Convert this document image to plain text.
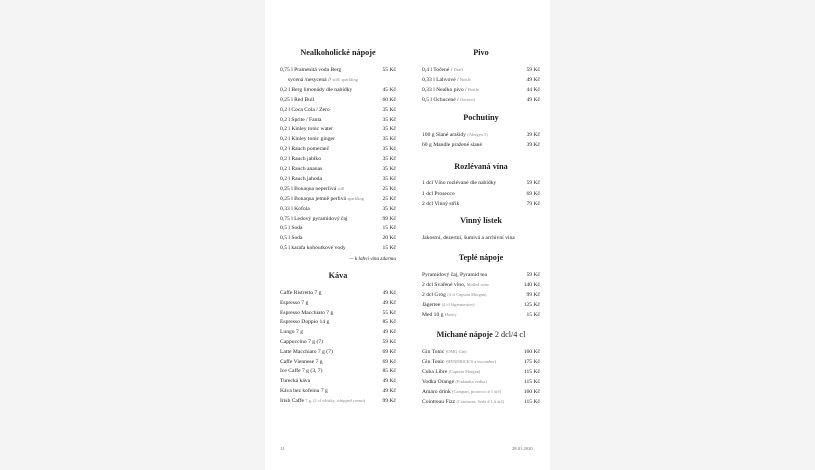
Nealkoholické nápoje
0,75 l Pramenitá voda Berg	55 Kč
sycená /nesycená // still/ sparkling
0,2 l Berg limonády dle nabídky	45 Kč
0,25 l Red Bull	60 Kč
0,2 l Coca Cola / Zero	35 Kč
0,2 l Sprite / Fanta	35 Kč
0,2 l Kinley tonic water	35 Kč
0,2 l Kinley tonic ginger	35 Kč
0,2 l Rauch pomeranč	35 Kč
0,2 l Rauch jablko	35 Kč
0,2 l Rauch ananas	35 Kč
0,2 l Rauch jahoda	35 Kč
0,25 l Bonaqua neperlivá still	25 Kč
0,25 l Bonaqua jemně perlivá sparkling	25 Kč
0,33 l Kofola	35 Kč
0,75 l Ledový pyramidový čaj	99 Kč
0,5 l Soda	15 Kč
0,5 l Soda	20 Kč
0,5 l karafa kohoutkové vody	15 Kč
— k lahvi vína zdarma
Káva
Caffe Ristretto 7 g	49 Kč
Espresso 7 g	49 Kč
Espresso Macchiato 7 g	55 Kč
Espresso Doppio 14 g	85 Kč
Lungo 7 g	49 Kč
Cappuccino 7 g (7)	59 Kč
Latte Macchiato 7 g (7)	69 Kč
Caffe Viennese 7 g	69 Kč
Ice Caffe 7 g (3, 7)	85 Kč
Turecká káva	49 Kč
Káva bez kofeinu 7 g	49 Kč
Irish Caffe 7 g, (2 cl whisky, whipped cream)	99 Kč
Pivo
0,4 l Točené / Draft	59 Kč
0,33 l Lahvové / Bottle	49 Kč
0,33 l Nealko pivo / Bottle	44 Kč
0,5 l Ochucené / flavored	49 Kč
Pochutiny
100 g Slané arašídy (Alergen 5)	39 Kč
60 g Mandle pražené slané	39 Kč
Rozlévaná vína
1 dcl Víno rozlévané dle nabídky	59 Kč
1 dcl Prosecco	69 Kč
2 dcl Vinný střik	79 Kč
Vinný lístek
Jakostní, dezertní, šumivá a archivní vína
Teplé nápoje
Pyramidový čaj, Pyramid tea	59 Kč
2 dcl Svařené víno, Mulled wine	140 Kč
2 dcl Grog (4 cl Captain Morgan)	99 Kč
Jägertee (4 cl Jägermeister)	125 Kč
Med 10 g Honey	15 Kč
Míchané nápoje 2 dcl/4 cl
Gin Tonic (OMG Gin)	160 Kč
Gin Tonic (HENDRICK'S a cucumber)	175 Kč
Cuba Libre (Captain Morgan)	115 Kč
Vodka Orange (Finlandia vodka)	115 Kč
Amaro drink (Campari, prosecco # 1 dcl)	160 Kč
Cointreau Fizz (Cointreau, Soda # 1,6 dcl)	115 Kč
11	28.01.2020
